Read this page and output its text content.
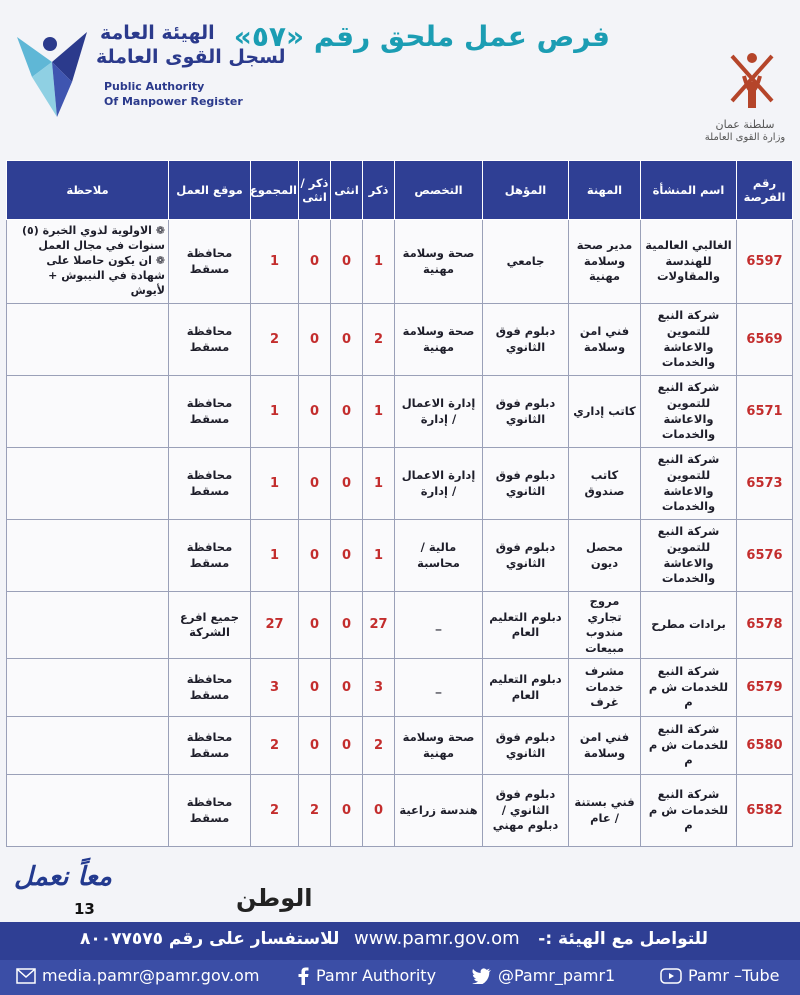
الهيئة العامة
لسجل القوى العاملة
Public Authority
Of Manpower Register
فرص عمل ملحق رقم «٥٧»
سلطنة عمان
وزارة القوى العاملة
رقم الفرصة	اسم المنشأة	المهنة	المؤهل	التخصص	ذكر	انثى	ذكر / انثى	المجموع	موقع العمل	ملاحظة
6597	الغالبي العالمية للهندسة والمقاولات	مدير صحة وسلامة مهنية	جامعي	صحة وسلامة مهنية	1	0	0	1	محافظة مسقط	❁ الاولوية لذوي الخبرة (٥) سنوات في مجال العمل
❁ ان يكون حاصلا على شهادة في النيبوش + لأيوش

6569	شركة النبع للتموين والاعاشة والخدمات	فني امن وسلامة	دبلوم فوق الثانوي	صحة وسلامة مهنية	2	0	0	2	محافظة مسقط	

6571	شركة النبع للتموين والاعاشة والخدمات	كاتب إداري	دبلوم فوق الثانوي	إدارة الاعمال / إدارة	1	0	0	1	محافظة مسقط	

6573	شركة النبع للتموين والاعاشة والخدمات	كاتب صندوق	دبلوم فوق الثانوي	إدارة الاعمال / إدارة	1	0	0	1	محافظة مسقط	

6576	شركة النبع للتموين والاعاشة والخدمات	محصل ديون	دبلوم فوق الثانوي	مالية / محاسبة	1	0	0	1	محافظة مسقط	

6578	برادات مطرح	مروج تجاري مندوب مبيعات	دبلوم التعليم العام	_	27	0	0	27	جميع افرع الشركة	

6579	شركة النبع للخدمات ش م م	مشرف خدمات غرف	دبلوم التعليم العام	_	3	0	0	3	محافظة مسقط	

6580	شركة النبع للخدمات ش م م	فني امن وسلامة	دبلوم فوق الثانوي	صحة وسلامة مهنية	2	0	0	2	محافظة مسقط	

6582	شركة النبع للخدمات ش م م	فني بستنة / عام	دبلوم فوق الثانوي / دبلوم مهني	هندسة زراعية	0	0	2	2	محافظة مسقط	
معاً نعمل
13	الوطن
للتواصل مع الهيئة :-
www.pamr.gov.om
للاستفسار على رقم ٨٠٠٧٧٥٧٥
media.pamr@pamr.gov.om	Pamr Authority	@Pamr_pamr1	Pamr –Tube
